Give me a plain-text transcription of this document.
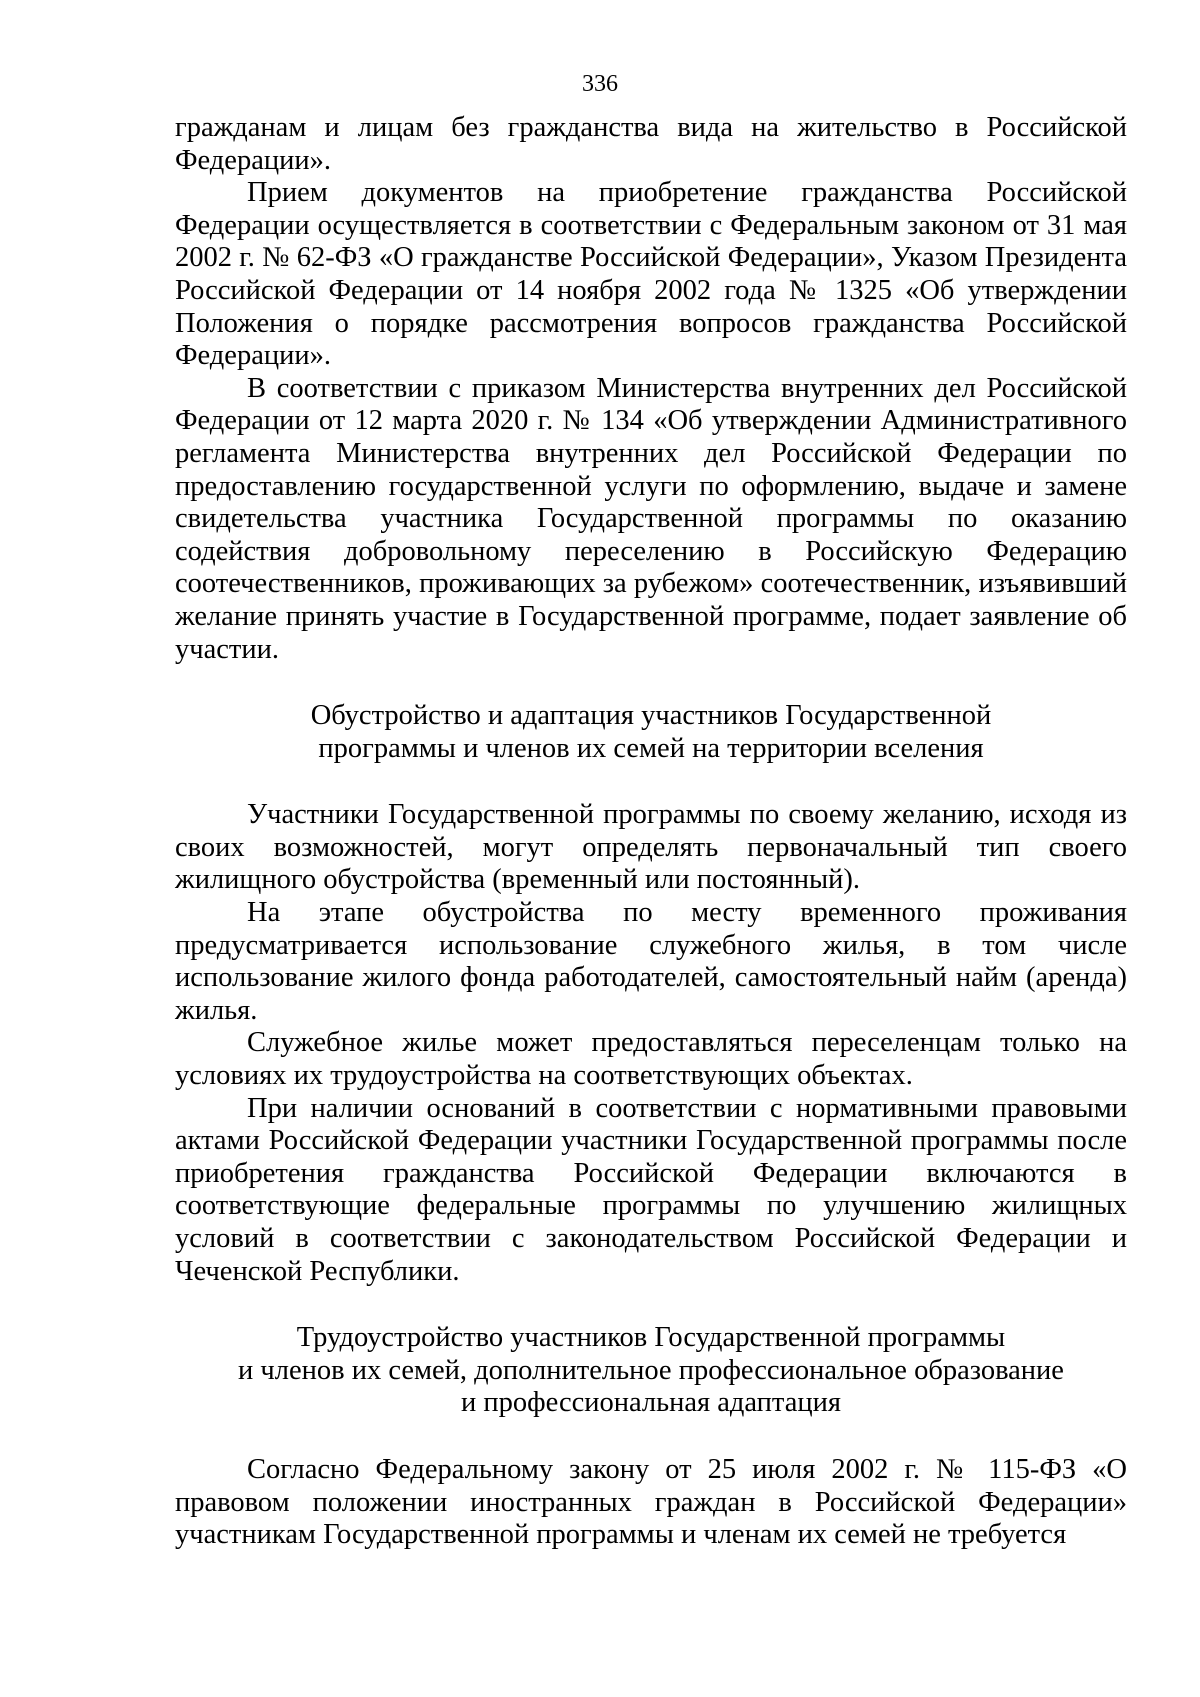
336

гражданам и лицам без гражданства вида на жительство в Российской Федерации».

Прием документов на приобретение гражданства Российской Федерации осуществляется в соответствии с Федеральным законом от 31 мая 2002 г. № 62-ФЗ «О гражданстве Российской Федерации», Указом Президента Российской Федерации от 14 ноября 2002 года № 1325 «Об утверждении Положения о порядке рассмотрения вопросов гражданства Российской Федерации».

В соответствии с приказом Министерства внутренних дел Российской Федерации от 12 марта 2020 г. № 134 «Об утверждении Административного регламента Министерства внутренних дел Российской Федерации по предоставлению государственной услуги по оформлению, выдаче и замене свидетельства участника Государственной программы по оказанию содействия добровольному переселению в Российскую Федерацию соотечественников, проживающих за рубежом» соотечественник, изъявивший желание принять участие в Государственной программе, подает заявление об участии.

Обустройство и адаптация участников Государственной
программы и членов их семей на территории вселения

Участники Государственной программы по своему желанию, исходя из своих возможностей, могут определять первоначальный тип своего жилищного обустройства (временный или постоянный).

На этапе обустройства по месту временного проживания предусматривается использование служебного жилья, в том числе использование жилого фонда работодателей, самостоятельный найм (аренда) жилья.

Служебное жилье может предоставляться переселенцам только на условиях их трудоустройства на соответствующих объектах.

При наличии оснований в соответствии с нормативными правовыми актами Российской Федерации участники Государственной программы после приобретения гражданства Российской Федерации включаются в соответствующие федеральные программы по улучшению жилищных условий в соответствии с законодательством Российской Федерации и Чеченской Республики.

Трудоустройство участников Государственной программы
и членов их семей, дополнительное профессиональное образование
и профессиональная адаптация

Согласно Федеральному закону от 25 июля 2002 г. № 115-ФЗ «О правовом положении иностранных граждан в Российской Федерации» участникам Государственной программы и членам их семей не требуется
